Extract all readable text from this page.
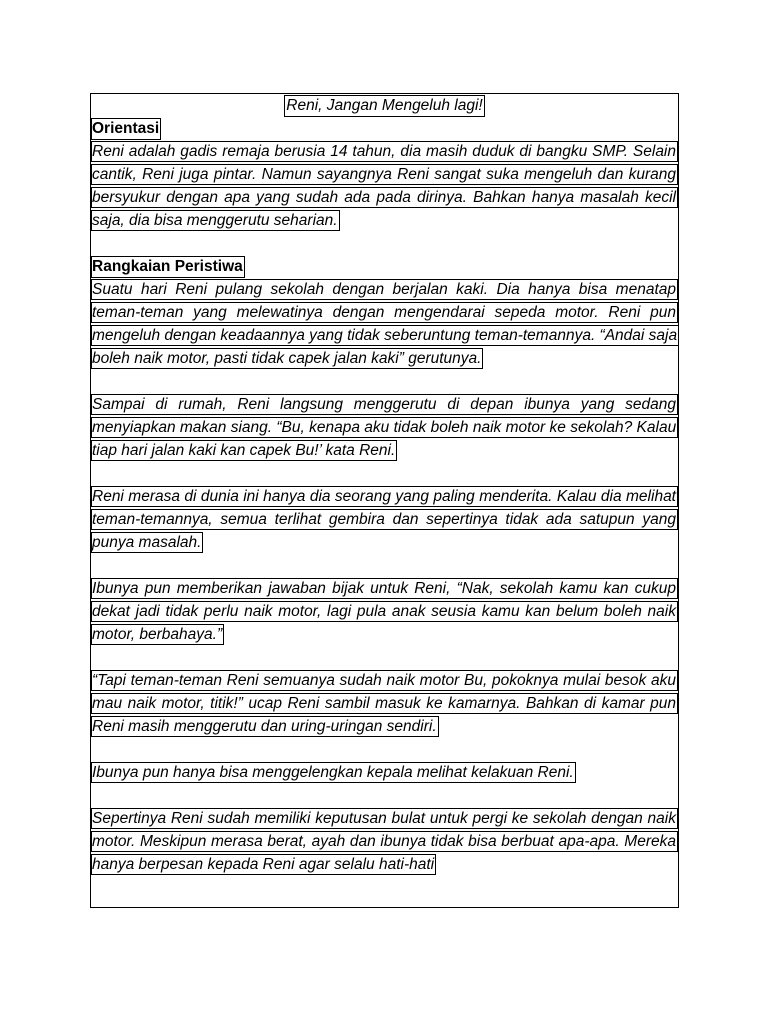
Reni, Jangan Mengeluh lagi!
Orientasi

Reni adalah gadis remaja berusia 14 tahun, dia masih duduk di bangku SMP. Selain cantik, Reni juga pintar. Namun sayangnya Reni sangat suka mengeluh dan kurang bersyukur dengan apa yang sudah ada pada dirinya. Bahkan hanya masalah kecil saja, dia bisa menggerutu seharian.

Rangkaian Peristiwa

Suatu hari Reni pulang sekolah dengan berjalan kaki. Dia hanya bisa menatap teman-teman yang melewatinya dengan mengendarai sepeda motor. Reni pun mengeluh dengan keadaannya yang tidak seberuntung teman-temannya. “Andai saja boleh naik motor, pasti tidak capek jalan kaki” gerutunya.

Sampai di rumah, Reni langsung menggerutu di depan ibunya yang sedang menyiapkan makan siang. “Bu, kenapa aku tidak boleh naik motor ke sekolah? Kalau tiap hari jalan kaki kan capek Bu!’ kata Reni.

Reni merasa di dunia ini hanya dia seorang yang paling menderita. Kalau dia melihat teman-temannya, semua terlihat gembira dan sepertinya tidak ada satupun yang punya masalah.

Ibunya pun memberikan jawaban bijak untuk Reni, “Nak, sekolah kamu kan cukup dekat jadi tidak perlu naik motor, lagi pula anak seusia kamu kan belum boleh naik motor, berbahaya.”

“Tapi teman-teman Reni semuanya sudah naik motor Bu, pokoknya mulai besok aku mau naik motor, titik!” ucap Reni sambil masuk ke kamarnya. Bahkan di kamar pun Reni masih menggerutu dan uring-uringan sendiri.

Ibunya pun hanya bisa menggelengkan kepala melihat kelakuan Reni.

Sepertinya Reni sudah memiliki keputusan bulat untuk pergi ke sekolah dengan naik motor. Meskipun merasa berat, ayah dan ibunya tidak bisa berbuat apa-apa. Mereka hanya berpesan kepada Reni agar selalu hati-hati
